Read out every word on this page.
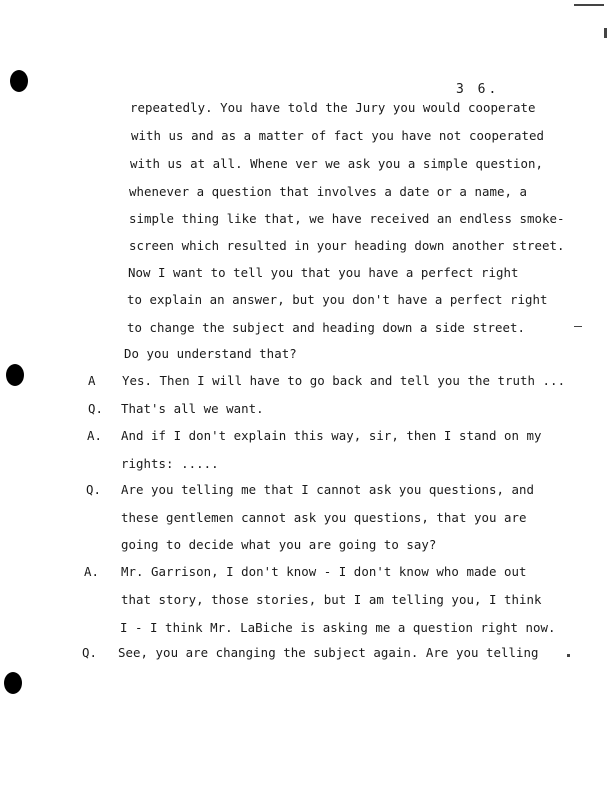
3 6.
repeatedly. You have told the Jury you would cooperate
with us and as a matter of fact you have not cooperated
with us at all. Whene ver we ask you a simple question,
whenever a question that involves a date or a name, a
simple thing like that, we have received an endless smoke-
screen which resulted in your heading down another street.
Now I want to tell you that you have a perfect right
to explain an answer, but you don't have a perfect right
to change the subject and heading down a side street.
Do you understand that?
A Yes. Then I will have to go back and tell you the truth ...
Q. That's all we want.
A. And if I don't explain this way, sir, then I stand on my
rights: .....
Q. Are you telling me that I cannot ask you questions, and
these gentlemen cannot ask you questions, that you are
going to decide what you are going to say?
A. Mr. Garrison, I don't know - I don't know who made out
that story, those stories, but I am telling you, I think
I - I think Mr. LaBiche is asking me a question right now.
Q. See, you are changing the subject again. Are you telling
